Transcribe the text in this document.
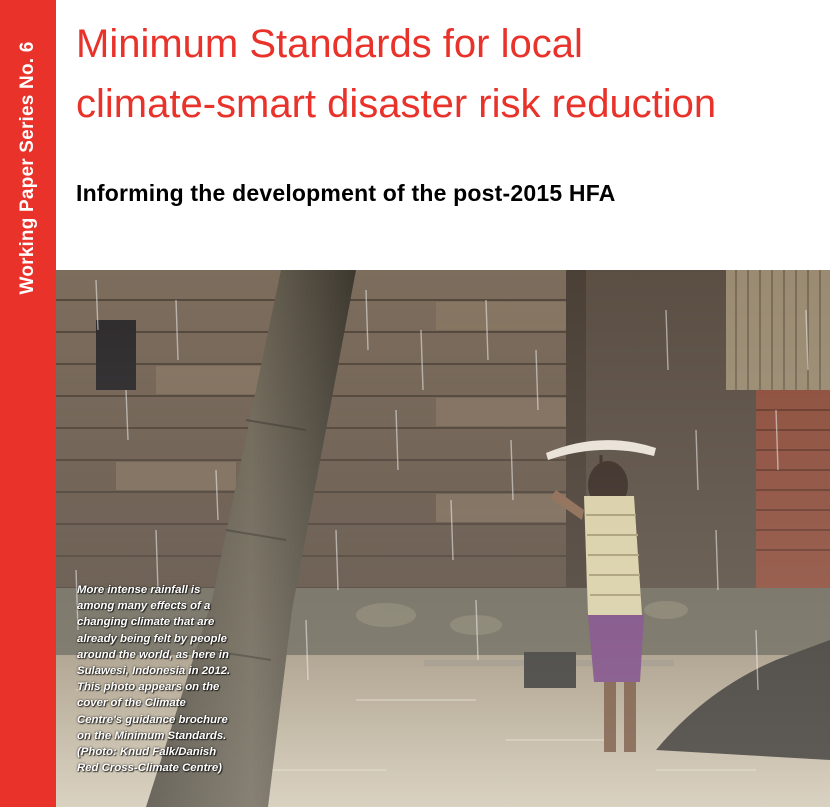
Working Paper Series No. 6 Minimum Standards for local
climate-smart disaster risk reduction
Informing the development of the post-2015 HFA
More intense rainfall is
among many effects of a
changing climate that are
already being felt by people
around the world, as here in
Sulawesi, Indonesia in 2012.
This photo appears on the
cover of the Climate
Centre's guidance brochure
on the Minimum Standards.
(Photo: Knud Falk/Danish
Red Cross-Climate Centre)
